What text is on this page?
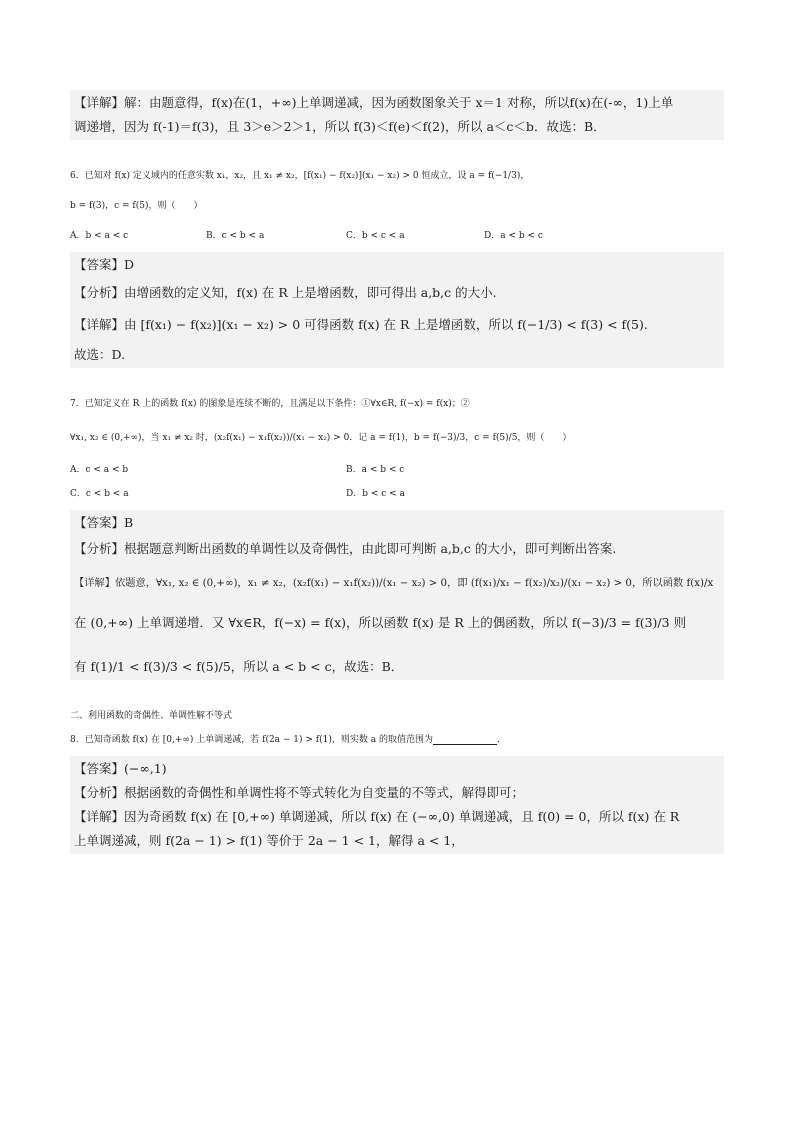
【详解】解：由题意得，f(x)在(1，+∞)上单调递减，因为函数图象关于 x＝1 对称，所以f(x)在(-∞，1)上单
调递增，因为 f(-1)＝f(3)，且 3＞e＞2＞1，所以 f(3)＜f(e)＜f(2)，所以 a＜c＜b．故选：B．
6．已知对 f(x) 定义域内的任意实数 x₁，x₂，且 x₁ ≠ x₂，[f(x₁) − f(x₂)](x₁ − x₂) > 0 恒成立，设 a = f(−1/3)，
b = f(3)，c = f(5)，则（　　）
A．b < a < c	B．c < b < a	C．b < c < a	D．a < b < c
【答案】D
【分析】由增函数的定义知，f(x) 在 R 上是增函数，即可得出 a,b,c 的大小.
【详解】由 [f(x₁) − f(x₂)](x₁ − x₂) > 0 可得函数 f(x) 在 R 上是增函数，所以 f(−1/3) < f(3) < f(5).
故选：D.
7．已知定义在 R 上的函数 f(x) 的图象是连续不断的，且满足以下条件：①∀x∈R, f(−x) = f(x)；②
∀x₁, x₂ ∈ (0,+∞)，当 x₁ ≠ x₂ 时，(x₂f(x₁) − x₁f(x₂))/(x₁ − x₂) > 0．记 a = f(1)，b = f(−3)/3，c = f(5)/5，则（　　）
A．c < a < b	B．a < b < c
C．c < b < a	D．b < c < a
【答案】B
【分析】根据题意判断出函数的单调性以及奇偶性，由此即可判断 a,b,c 的大小，即可判断出答案.
【详解】依题意，∀x₁, x₂ ∈ (0,+∞)，x₁ ≠ x₂，(x₂f(x₁) − x₁f(x₂))/(x₁ − x₂) > 0，即 (f(x₁)/x₁ − f(x₂)/x₂)/(x₁ − x₂) > 0，所以函数 f(x)/x
在 (0,+∞) 上单调递增．又 ∀x∈R，f(−x) = f(x)，所以函数 f(x) 是 R 上的偶函数，所以 f(−3)/3 = f(3)/3 则
有 f(1)/1 < f(3)/3 < f(5)/5，所以 a < b < c，故选：B．
二、利用函数的奇偶性、单调性解不等式
8．已知奇函数 f(x) 在 [0,+∞) 上单调递减，若 f(2a − 1) > f(1)，则实数 a 的取值范围为	．
【答案】(−∞,1)
【分析】根据函数的奇偶性和单调性将不等式转化为自变量的不等式，解得即可；
【详解】因为奇函数 f(x) 在 [0,+∞) 单调递减，所以 f(x) 在 (−∞,0) 单调递减，且 f(0) = 0，所以 f(x) 在 R
上单调递减，则 f(2a − 1) > f(1) 等价于 2a − 1 < 1，解得 a < 1，
